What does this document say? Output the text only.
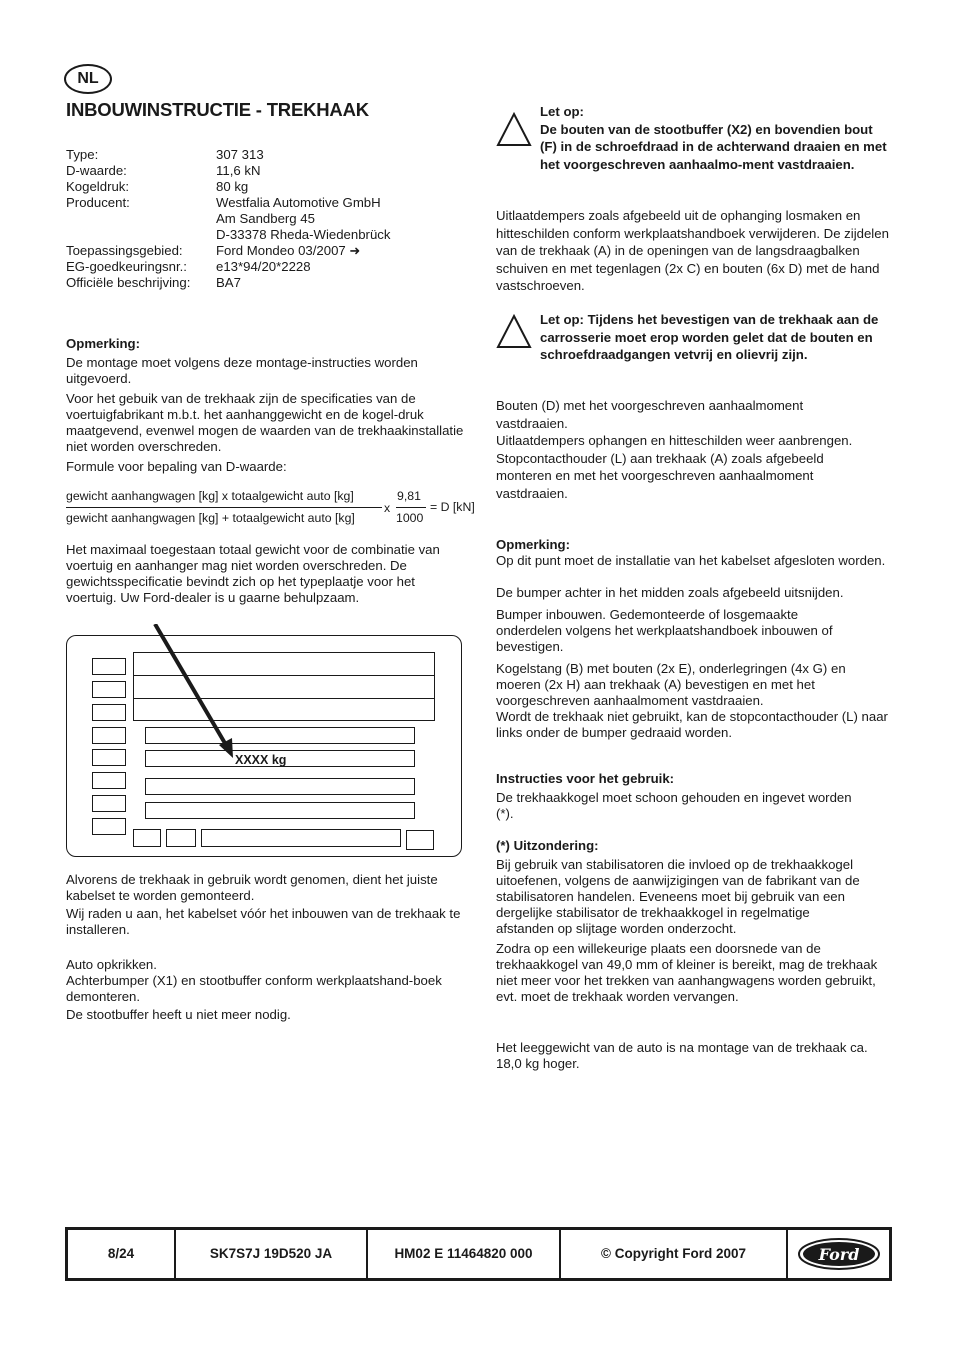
NL
INBOUWINSTRUCTIE - TREKHAAK
Type:	307 313
D-waarde:	11,6 kN
Kogeldruk:	80 kg
Producent:	Westfalia Automotive GmbH
Am Sandberg 45
D-33378 Rheda-Wiedenbrück
Toepassingsgebied:	Ford Mondeo 03/2007 ➜
EG-goedkeuringsnr.:	e13*94/20*2228
Officiële beschrijving:	BA7

Opmerking:

De montage moet volgens deze montage-instructies worden uitgevoerd.

Voor het gebuik van de trekhaak zijn de specificaties van de voertuigfabrikant m.b.t. het aanhanggewicht en de kogel-druk maatgevend, evenwel mogen de waarden van de trekhaakinstallatie niet worden overschreden.

Formule voor bepaling van D-waarde:

gewicht aanhangwagen [kg] x totaalgewicht auto [kg]
gewicht aanhangwagen [kg] + totaalgewicht auto [kg]
x
9,81
1000
= D [kN]

Het maximaal toegestaan totaal gewicht voor de combinatie van voertuig en aanhanger mag niet worden overschreden. De gewichtsspecificatie bevindt zich op het typeplaatje voor het voertuig. Uw Ford-dealer is u gaarne behulpzaam.

XXXX kg

Alvorens de trekhaak in gebruik wordt genomen, dient het juiste kabelset te worden gemonteerd.

Wij raden u aan, het kabelset vóór het inbouwen van de trekhaak te installeren.

Auto opkrikken.

Achterbumper (X1) en stootbuffer conform werkplaatshand-boek demonteren.

De stootbuffer heeft u niet meer nodig.

Let op:

De bouten van de stootbuffer (X2) en bovendien bout (F) in de schroefdraad in de achterwand draaien en met het voorgeschreven aanhaalmo-ment vastdraaien.

Uitlaatdempers zoals afgebeeld uit de ophanging losmaken en hitteschilden conform werkplaatshandboek verwijderen. De zijdelen van de trekhaak (A) in de openingen van de langsdraagbalken schuiven en met tegenlagen (2x C) en bouten (6x D) met de hand vastschroeven.

Let op: Tijdens het bevestigen van de trekhaak aan de carrosserie moet erop worden gelet dat de bouten en schroefdraadgangen vetvrij en olievrij zijn.

Bouten (D) met het voorgeschreven aanhaalmoment vastdraaien.

Uitlaatdempers ophangen en hitteschilden weer aanbrengen.

Stopcontacthouder (L) aan trekhaak (A) zoals afgebeeld monteren en met het voorgeschreven aanhaalmoment vastdraaien.

Opmerking:

Op dit punt moet de installatie van het kabelset afgesloten worden.

De bumper achter in het midden zoals afgebeeld uitsnijden.

Bumper inbouwen. Gedemonteerde of losgemaakte onderdelen volgens het werkplaatshandboek inbouwen of bevestigen.

Kogelstang (B) met bouten (2x E), onderlegringen (4x G) en moeren (2x H) aan trekhaak (A) bevestigen en met het voorgeschreven aanhaalmoment vastdraaien.

Wordt de trekhaak niet gebruikt, kan de stopcontacthouder (L) naar links onder de bumper gedraaid worden.

Instructies voor het gebruik:

De trekhaakkogel moet schoon gehouden en ingevet worden (*).

(*) Uitzondering:

Bij gebruik van stabilisatoren die invloed op de trekhaakkogel uitoefenen, volgens de aanwijzigingen van de fabrikant van de stabilisatoren handelen. Eveneens moet bij gebruik van een dergelijke stabilisator de trekhaakkogel in regelmatige afstanden op slijtage worden onderzocht.

Zodra op een willekeurige plaats een doorsnede van de trekhaakkogel van 49,0 mm of kleiner is bereikt, mag de trekhaak niet meer voor het trekken van aanhangwagens worden gebruikt, evt. moet de trekhaak worden vervangen.

Het leeggewicht van de auto is na montage van de trekhaak ca. 18,0 kg hoger.

8/24	SK7S7J 19D520 JA	HM02 E 11464820 000	© Copyright Ford 2007	Ford
